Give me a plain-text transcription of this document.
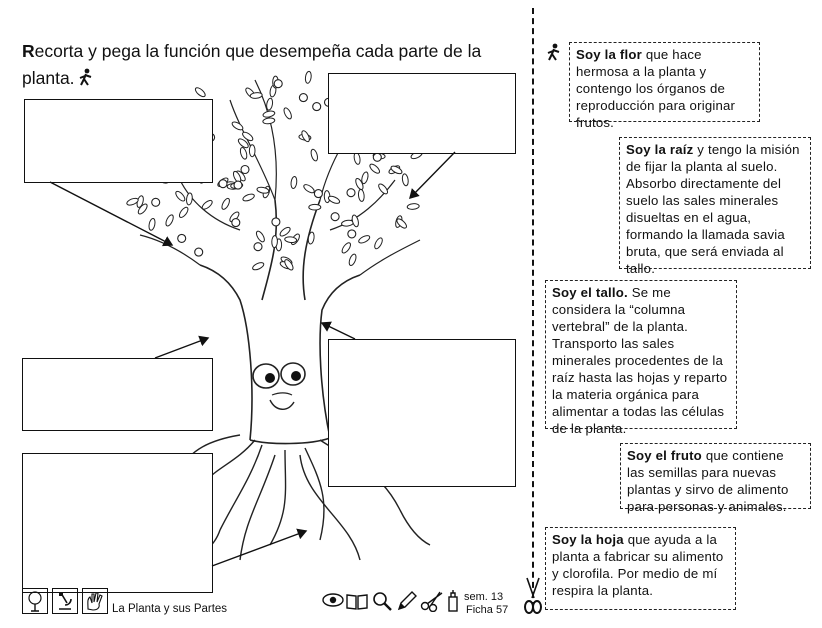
Recorta y pega la función que desempeña cada parte de la planta.
Soy la flor que hace hermosa a la planta y contengo los órganos de reproducción para originar frutos.
Soy la raíz y tengo la misión de fijar la planta al suelo. Absorbo directamente del suelo las sales minerales disueltas en el agua, formando la llamada savia bruta, que será enviada al tallo.
Soy el tallo. Se me considera la “columna vertebral” de la planta. Transporto las sales minerales procedentes de la raíz hasta las hojas y reparto la materia orgánica para alimentar a todas las células de la planta.
Soy el fruto que contiene las semillas para nuevas plantas y sirvo de alimento para personas y animales.
Soy la hoja que ayuda a la planta a fabricar su alimento y clorofila. Por medio de mí respira la planta.
La Planta y sus Partes
sem. 13
Ficha 57
